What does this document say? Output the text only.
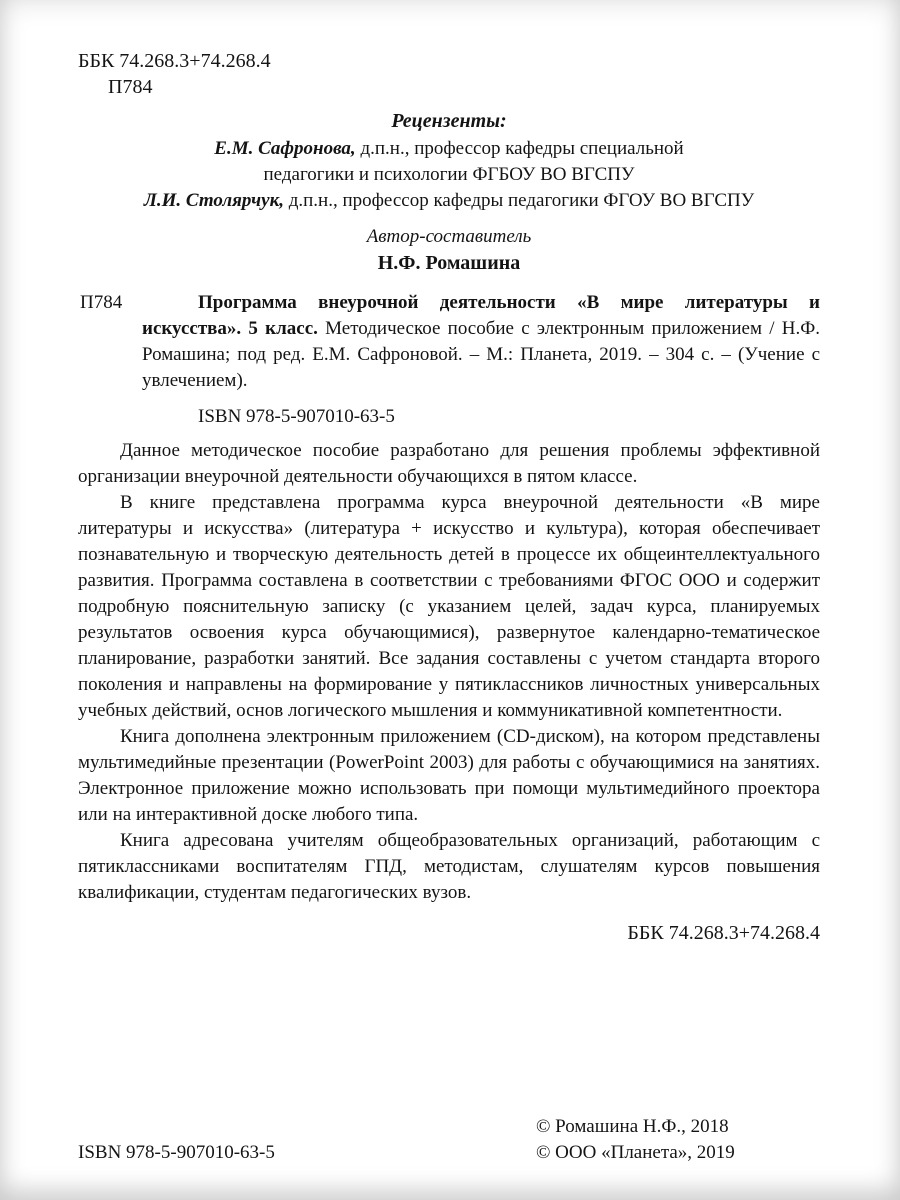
ББК 74.268.3+74.268.4
П784
Рецензенты:
Е.М. Сафронова, д.п.н., профессор кафедры специальной
педагогики и психологии ФГБОУ ВО ВГСПУ
Л.И. Столярчук, д.п.н., профессор кафедры педагогики ФГОУ ВО ВГСПУ
Автор-составитель
Н.Ф. Ромашина
П784	Программа внеурочной деятельности «В мире литературы и искусства». 5 класс. Методическое пособие с электронным приложением / Н.Ф. Ромашина; под ред. Е.М. Сафроновой. – М.: Планета, 2019. – 304 с. – (Учение с увлечением).

ISBN 978-5-907010-63-5

Данное методическое пособие разработано для решения проблемы эффективной организации внеурочной деятельности обучающихся в пятом классе.

В книге представлена программа курса внеурочной деятельности «В мире литературы и искусства» (литература + искусство и культура), которая обеспечивает познавательную и творческую деятельность детей в процессе их общеинтеллектуального развития. Программа составлена в соответствии с требованиями ФГОС ООО и содержит подробную пояснительную записку (с указанием целей, задач курса, планируемых результатов освоения курса обучающимися), развернутое календарно-тематическое планирование, разработки занятий. Все задания составлены с учетом стандарта второго поколения и направлены на формирование у пятиклассников личностных универсальных учебных действий, основ логического мышления и коммуникативной компетентности.

Книга дополнена электронным приложением (CD-диском), на котором представлены мультимедийные презентации (PowerPoint 2003) для работы с обучающимися на занятиях. Электронное приложение можно использовать при помощи мультимедийного проектора или на интерактивной доске любого типа.

Книга адресована учителям общеобразовательных организаций, работающим с пятиклассниками воспитателям ГПД, методистам, слушателям курсов повышения квалификации, студентам педагогических вузов.

ББК 74.268.3+74.268.4
ISBN 978-5-907010-63-5
© Ромашина Н.Ф., 2018
© ООО «Планета», 2019
